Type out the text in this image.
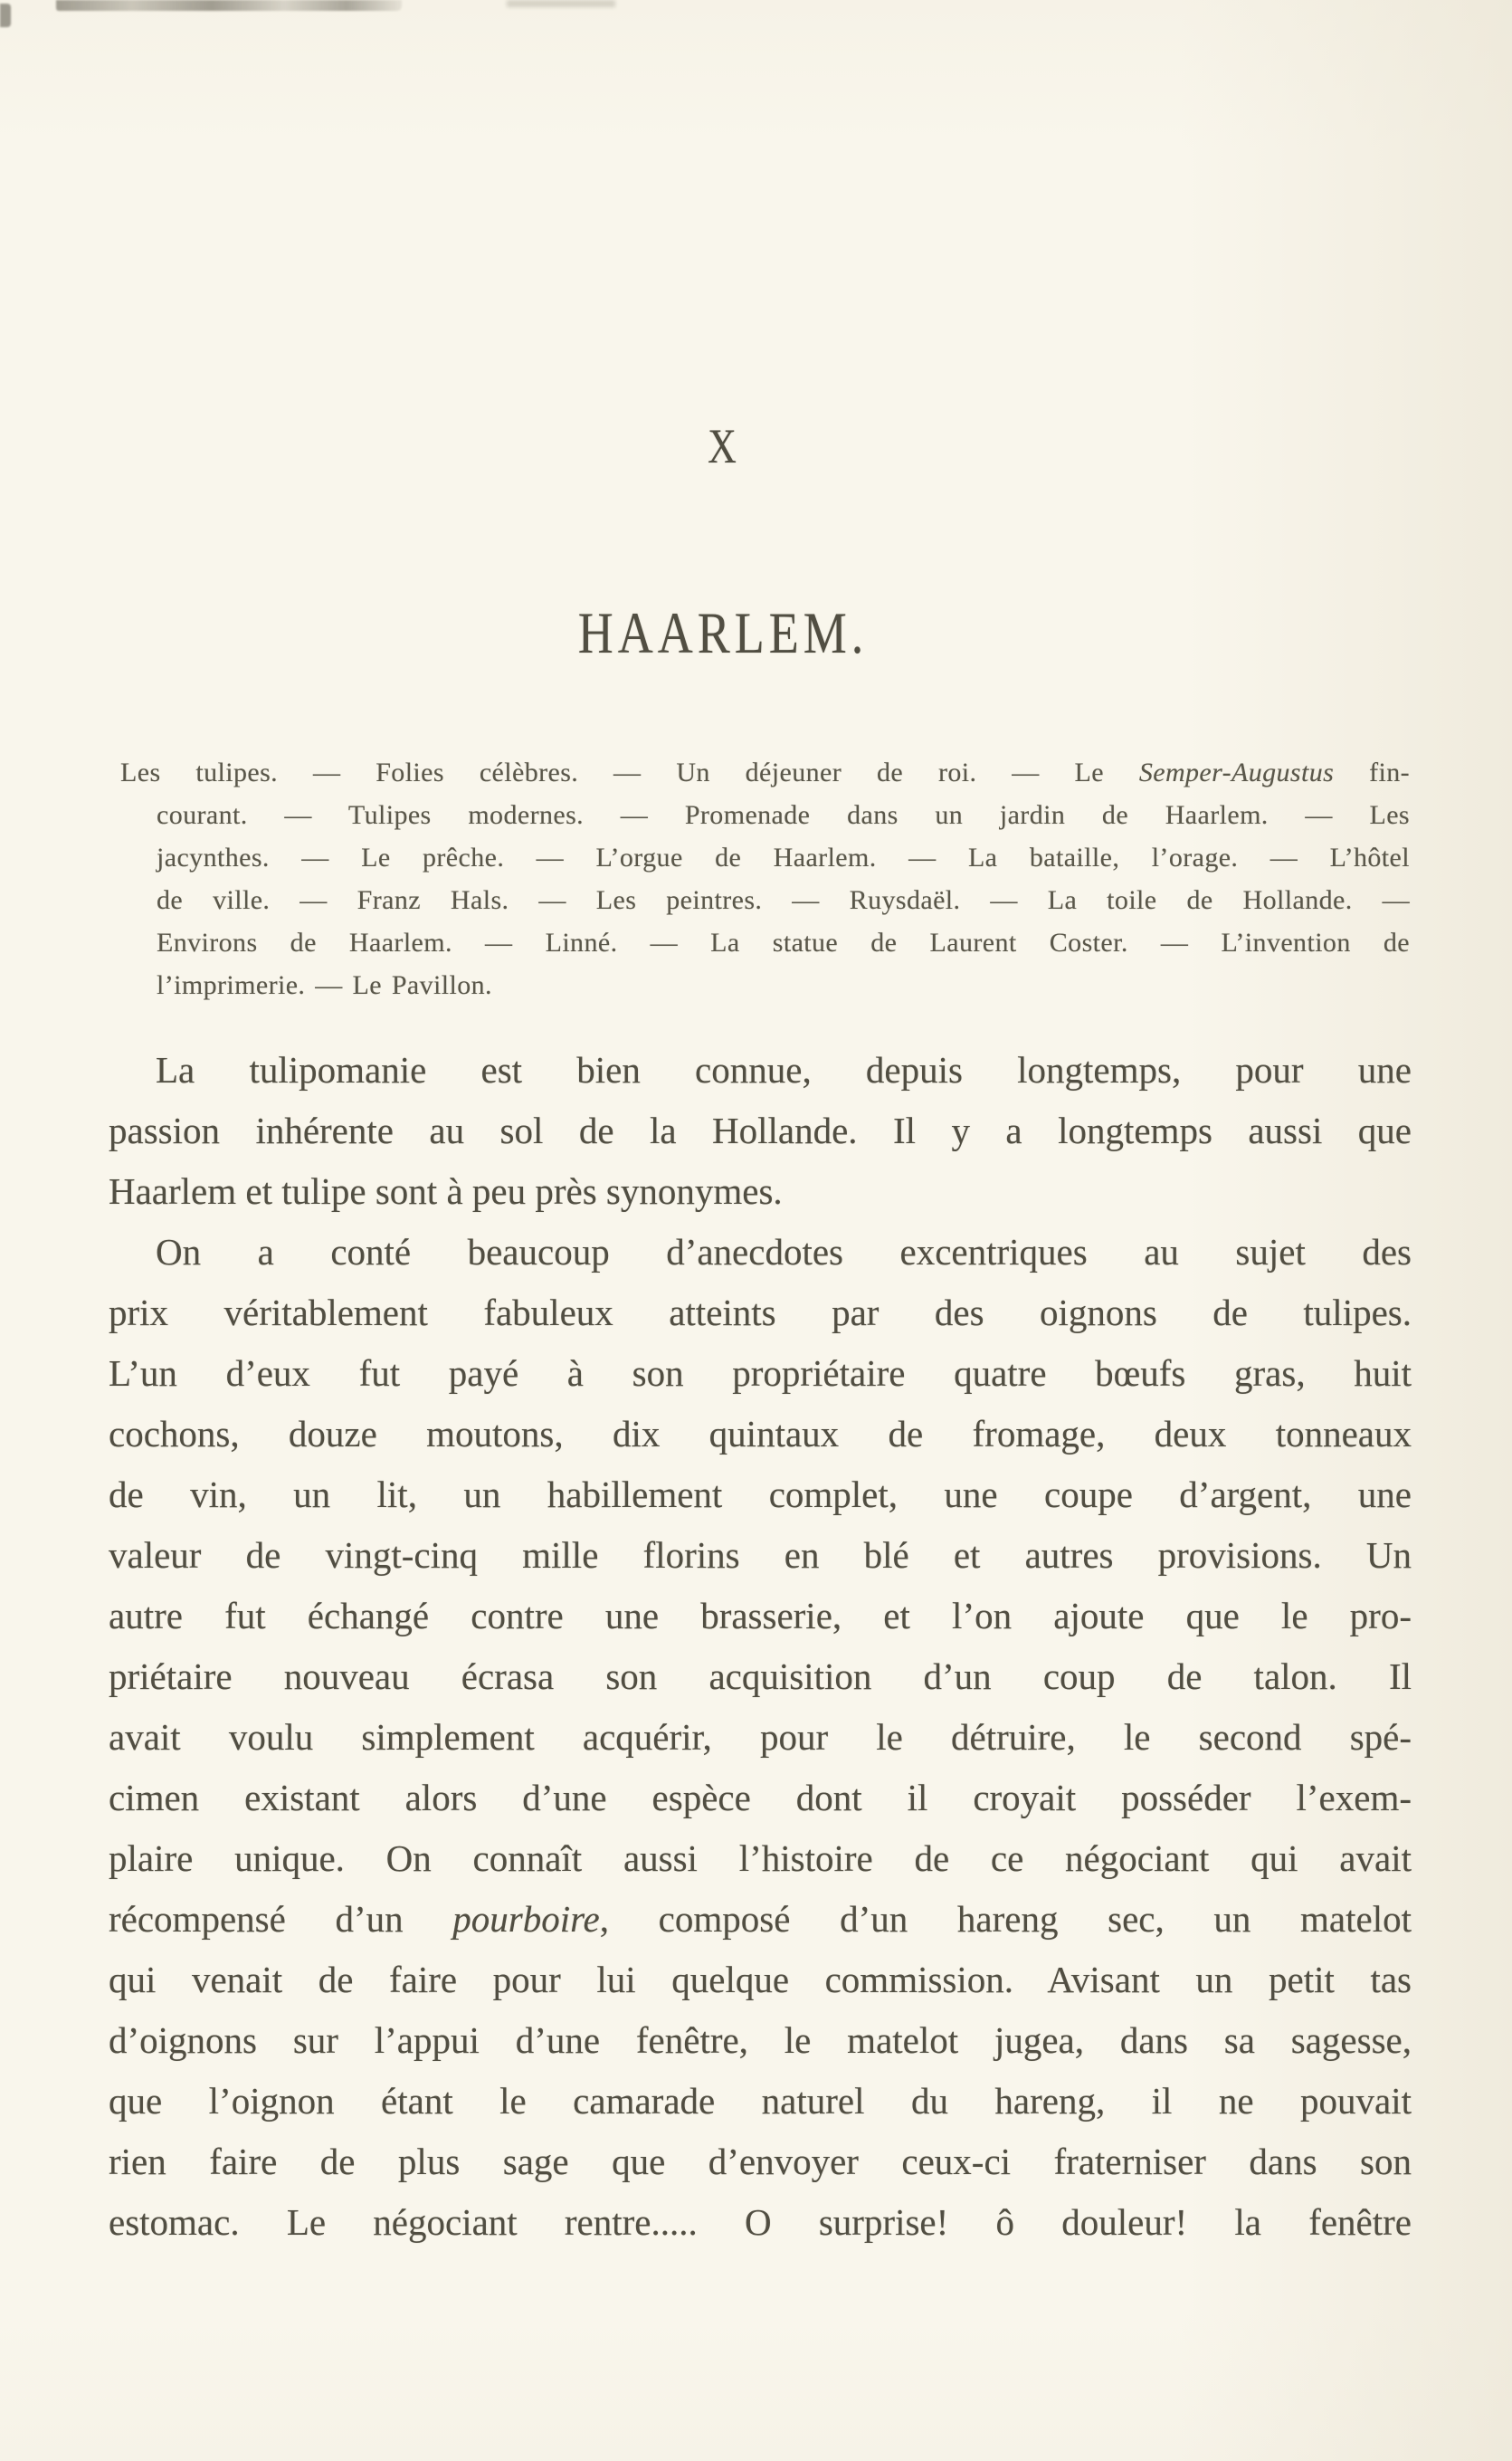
X
HAARLEM.
Les tulipes. — Folies célèbres. — Un déjeuner de roi. — Le Semper-Augustus fin-
courant. — Tulipes modernes. — Promenade dans un jardin de Haarlem. — Les
jacynthes. — Le prêche. — L’orgue de Haarlem. — La bataille, l’orage. — L’hôtel
de ville. — Franz Hals. — Les peintres. — Ruysdaël. — La toile de Hollande. —
Environs de Haarlem. — Linné. — La statue de Laurent Coster. — L’invention de
l’imprimerie. — Le Pavillon.
La tulipomanie est bien connue, depuis longtemps, pour une
passion inhérente au sol de la Hollande. Il y a longtemps aussi que
Haarlem et tulipe sont à peu près synonymes.
On a conté beaucoup d’anecdotes excentriques au sujet des
prix véritablement fabuleux atteints par des oignons de tulipes.
L’un d’eux fut payé à son propriétaire quatre bœufs gras, huit
cochons, douze moutons, dix quintaux de fromage, deux tonneaux
de vin, un lit, un habillement complet, une coupe d’argent, une
valeur de vingt-cinq mille florins en blé et autres provisions. Un
autre fut échangé contre une brasserie, et l’on ajoute que le pro-
priétaire nouveau écrasa son acquisition d’un coup de talon. Il
avait voulu simplement acquérir, pour le détruire, le second spé-
cimen existant alors d’une espèce dont il croyait posséder l’exem-
plaire unique. On connaît aussi l’histoire de ce négociant qui avait
récompensé d’un pourboire, composé d’un hareng sec, un matelot
qui venait de faire pour lui quelque commission. Avisant un petit tas
d’oignons sur l’appui d’une fenêtre, le matelot jugea, dans sa sagesse,
que l’oignon étant le camarade naturel du hareng, il ne pouvait
rien faire de plus sage que d’envoyer ceux-ci fraterniser dans son
estomac. Le négociant rentre..... O surprise! ô douleur! la fenêtre
